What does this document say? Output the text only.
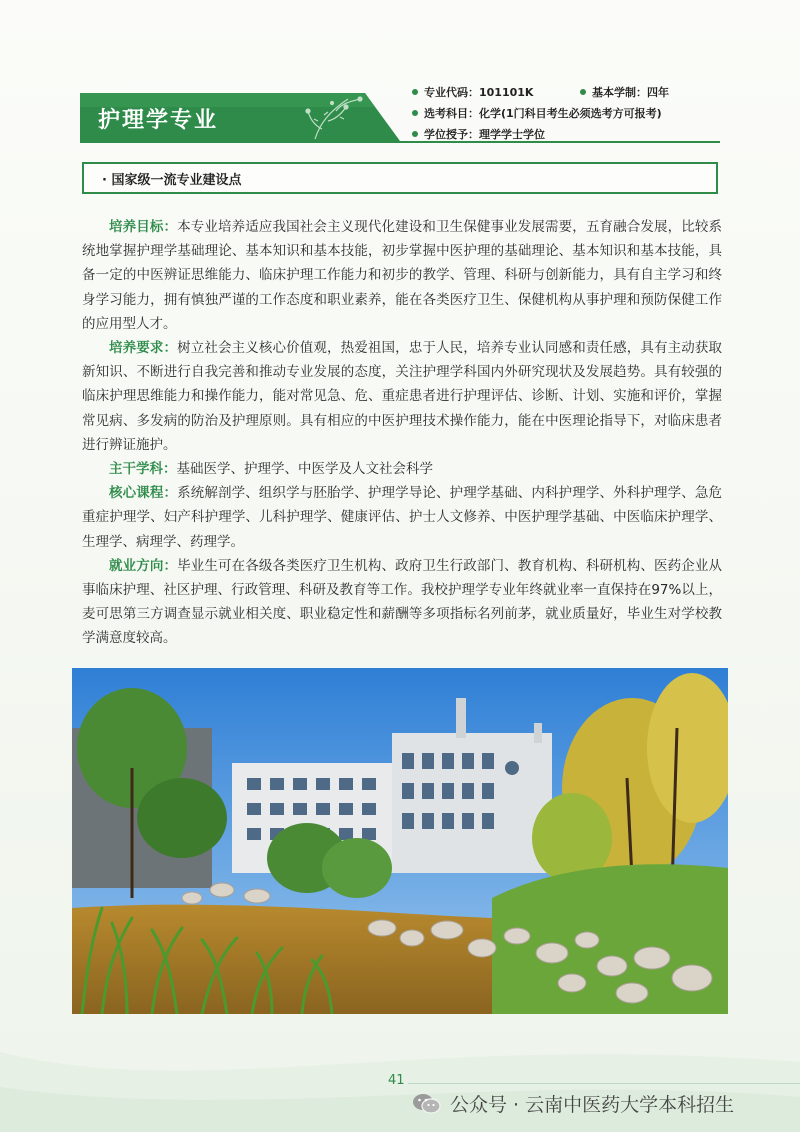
护理学专业
专业代码： 101101K	基本学制： 四年
选考科目： 化学(1门科目考生必须选考方可报考)
学位授予： 理学学士学位
· 国家级一流专业建设点

培养目标：本专业培养适应我国社会主义现代化建设和卫生保健事业发展需要，五育融合发展，比较系统地掌握护理学基础理论、基本知识和基本技能，初步掌握中医护理的基础理论、基本知识和基本技能，具备一定的中医辨证思维能力、临床护理工作能力和初步的教学、管理、科研与创新能力，具有自主学习和终身学习能力，拥有慎独严谨的工作态度和职业素养，能在各类医疗卫生、保健机构从事护理和预防保健工作的应用型人才。

培养要求：树立社会主义核心价值观，热爱祖国，忠于人民，培养专业认同感和责任感，具有主动获取新知识、不断进行自我完善和推动专业发展的态度，关注护理学科国内外研究现状及发展趋势。具有较强的临床护理思维能力和操作能力，能对常见急、危、重症患者进行护理评估、诊断、计划、实施和评价，掌握常见病、多发病的防治及护理原则。具有相应的中医护理技术操作能力，能在中医理论指导下，对临床患者进行辨证施护。

主干学科：基础医学、护理学、中医学及人文社会科学

核心课程：系统解剖学、组织学与胚胎学、护理学导论、护理学基础、内科护理学、外科护理学、急危重症护理学、妇产科护理学、儿科护理学、健康评估、护士人文修养、中医护理学基础、中医临床护理学、生理学、病理学、药理学。

就业方向：毕业生可在各级各类医疗卫生机构、政府卫生行政部门、教育机构、科研机构、医药企业从事临床护理、社区护理、行政管理、科研及教育等工作。我校护理学专业年终就业率一直保持在97%以上，麦可思第三方调查显示就业相关度、职业稳定性和薪酬等多项指标名列前茅，就业质量好，毕业生对学校教学满意度较高。

41
公众号 · 云南中医药大学本科招生
